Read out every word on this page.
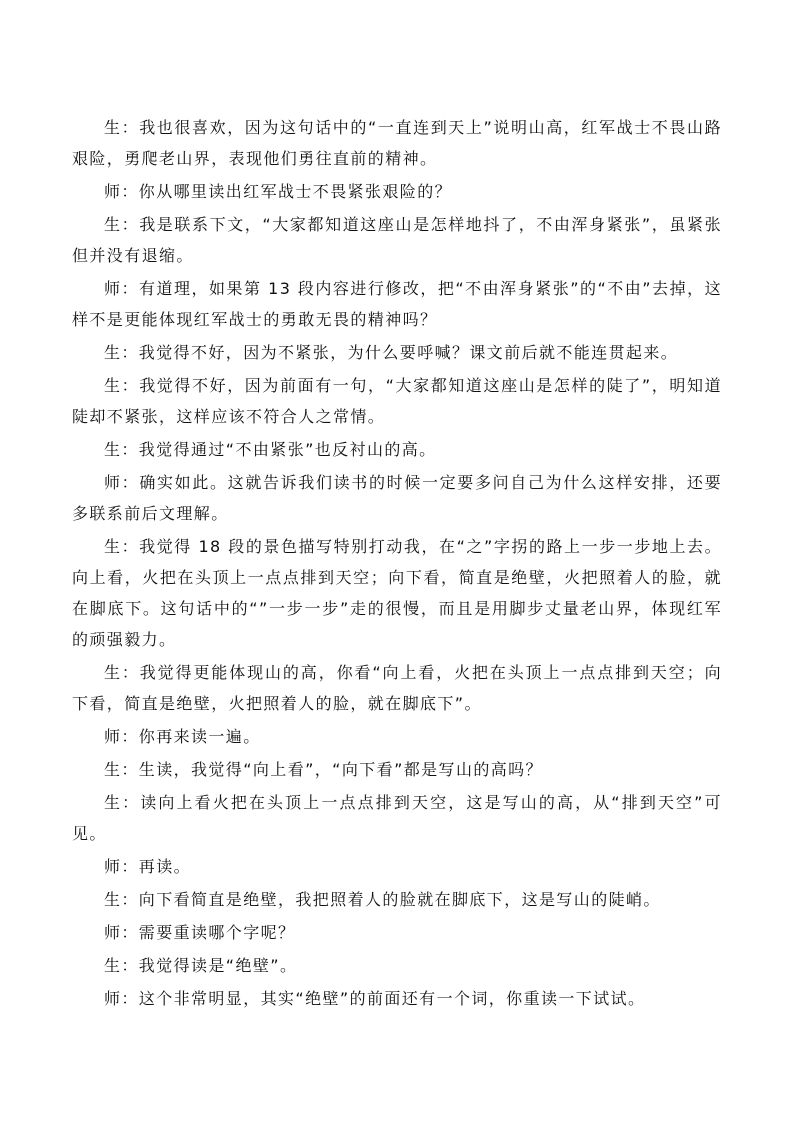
生：我也很喜欢，因为这句话中的“一直连到天上”说明山高，红军战士不畏山路艰险，勇爬老山界，表现他们勇往直前的精神。

师：你从哪里读出红军战士不畏紧张艰险的？

生：我是联系下文，“大家都知道这座山是怎样地抖了，不由浑身紧张”，虽紧张但并没有退缩。

师：有道理，如果第 13 段内容进行修改，把“不由浑身紧张”的“不由”去掉，这样不是更能体现红军战士的勇敢无畏的精神吗？

生：我觉得不好，因为不紧张，为什么要呼喊？课文前后就不能连贯起来。

生：我觉得不好，因为前面有一句，“大家都知道这座山是怎样的陡了”，明知道陡却不紧张，这样应该不符合人之常情。

生：我觉得通过“不由紧张”也反衬山的高。

师：确实如此。这就告诉我们读书的时候一定要多问自己为什么这样安排，还要多联系前后文理解。

生：我觉得 18 段的景色描写特别打动我，在“之”字拐的路上一步一步地上去。向上看，火把在头顶上一点点排到天空；向下看，简直是绝壁，火把照着人的脸，就在脚底下。这句话中的“”一步一步”走的很慢，而且是用脚步丈量老山界，体现红军的顽强毅力。

生：我觉得更能体现山的高，你看“向上看，火把在头顶上一点点排到天空；向下看，简直是绝壁，火把照着人的脸，就在脚底下”。

师：你再来读一遍。

生：生读，我觉得“向上看”，“向下看”都是写山的高吗？

生：读向上看火把在头顶上一点点排到天空，这是写山的高，从“排到天空”可见。

师：再读。

生：向下看简直是绝壁，我把照着人的脸就在脚底下，这是写山的陡峭。

师：需要重读哪个字呢？

生：我觉得读是“绝壁”。

师：这个非常明显，其实“绝壁”的前面还有一个词，你重读一下试试。
